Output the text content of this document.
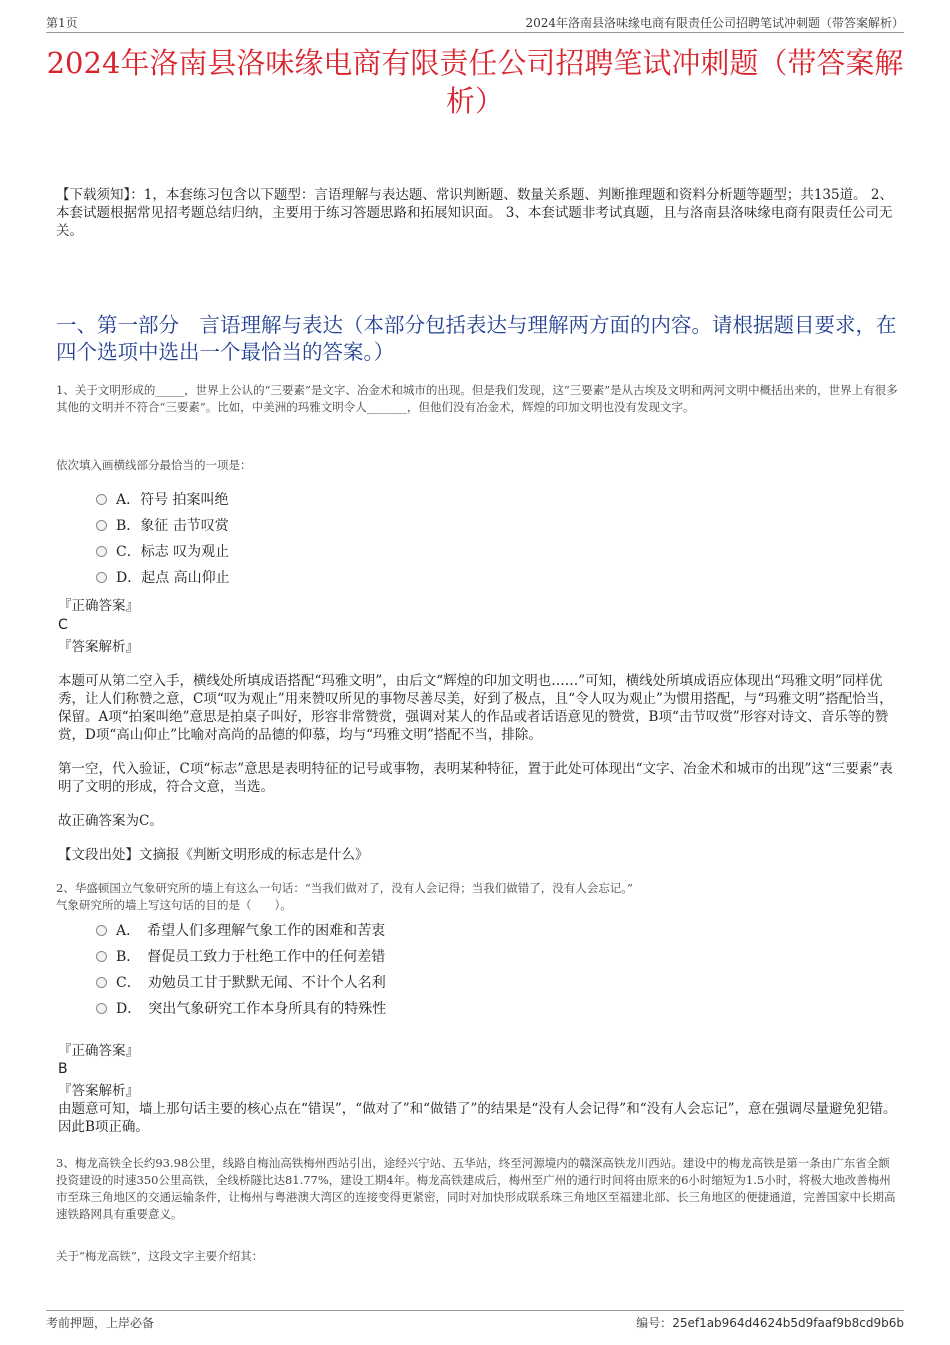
第1页	2024年洛南县洛味缘电商有限责任公司招聘笔试冲刺题（带答案解析）
2024年洛南县洛味缘电商有限责任公司招聘笔试冲刺题（带答案解析）
【下载须知】：1，本套练习包含以下题型：言语理解与表达题、常识判断题、数量关系题、判断推理题和资料分析题等题型；共135道。 2、本套试题根据常见招考题总结归纳，主要用于练习答题思路和拓展知识面。 3、本套试题非考试真题，且与洛南县洛味缘电商有限责任公司无关。
一、第一部分　言语理解与表达（本部分包括表达与理解两方面的内容。请根据题目要求，在四个选项中选出一个最恰当的答案。）
1、关于文明形成的_____，世界上公认的“三要素”是文字、冶金术和城市的出现。但是我们发现，这“三要素”是从古埃及文明和两河文明中概括出来的，世界上有很多其他的文明并不符合“三要素”。比如，中美洲的玛雅文明令人_______，但他们没有冶金术，辉煌的印加文明也没有发现文字。
依次填入画横线部分最恰当的一项是：
A．符号 拍案叫绝
B．象征 击节叹赏
C．标志 叹为观止
D．起点 高山仰止
『正确答案』
C
『答案解析』
本题可从第二空入手，横线处所填成语搭配“玛雅文明”，由后文“辉煌的印加文明也……”可知，横线处所填成语应体现出“玛雅文明”同样优秀，让人们称赞之意，C项“叹为观止”用来赞叹所见的事物尽善尽美，好到了极点，且“令人叹为观止”为惯用搭配，与“玛雅文明”搭配恰当，保留。A项“拍案叫绝”意思是拍桌子叫好，形容非常赞赏，强调对某人的作品或者话语意见的赞赏，B项“击节叹赏”形容对诗文、音乐等的赞赏，D项“高山仰止”比喻对高尚的品德的仰慕，均与“玛雅文明”搭配不当，排除。
第一空，代入验证，C项“标志”意思是表明特征的记号或事物，表明某种特征，置于此处可体现出“文字、冶金术和城市的出现”这“三要素”表明了文明的形成，符合文意，当选。
故正确答案为C。
【文段出处】文摘报《判断文明形成的标志是什么》

2、华盛顿国立气象研究所的墙上有这么一句话：“当我们做对了，没有人会记得；当我们做错了，没有人会忘记。”

气象研究所的墙上写这句话的目的是（　　）。

A．　希望人们多理解气象工作的困难和苦衷
B．　督促员工致力于杜绝工作中的任何差错
C．　劝勉员工甘于默默无闻、不计个人名利
D．　突出气象研究工作本身所具有的特殊性
『正确答案』
B
『答案解析』
由题意可知，墙上那句话主要的核心点在“错误”，“做对了”和“做错了”的结果是“没有人会记得”和“没有人会忘记”，意在强调尽量避免犯错。因此B项正确。
3、梅龙高铁全长约93.98公里，线路自梅汕高铁梅州西站引出，途经兴宁站、五华站，终至河源境内的赣深高铁龙川西站。建设中的梅龙高铁是第一条由广东省全额投资建设的时速350公里高铁，全线桥隧比达81.77%，建设工期4年。梅龙高铁建成后，梅州至广州的通行时间将由原来的6小时缩短为1.5小时，将极大地改善梅州市至珠三角地区的交通运输条件，让梅州与粤港澳大湾区的连接变得更紧密，同时对加快形成联系珠三角地区至福建北部、长三角地区的便捷通道，完善国家中长期高速铁路网具有重要意义。
关于“梅龙高铁”，这段文字主要介绍其：
考前押题，上岸必备	编号：25ef1ab964d4624b5d9faaf9b8cd9b6b
